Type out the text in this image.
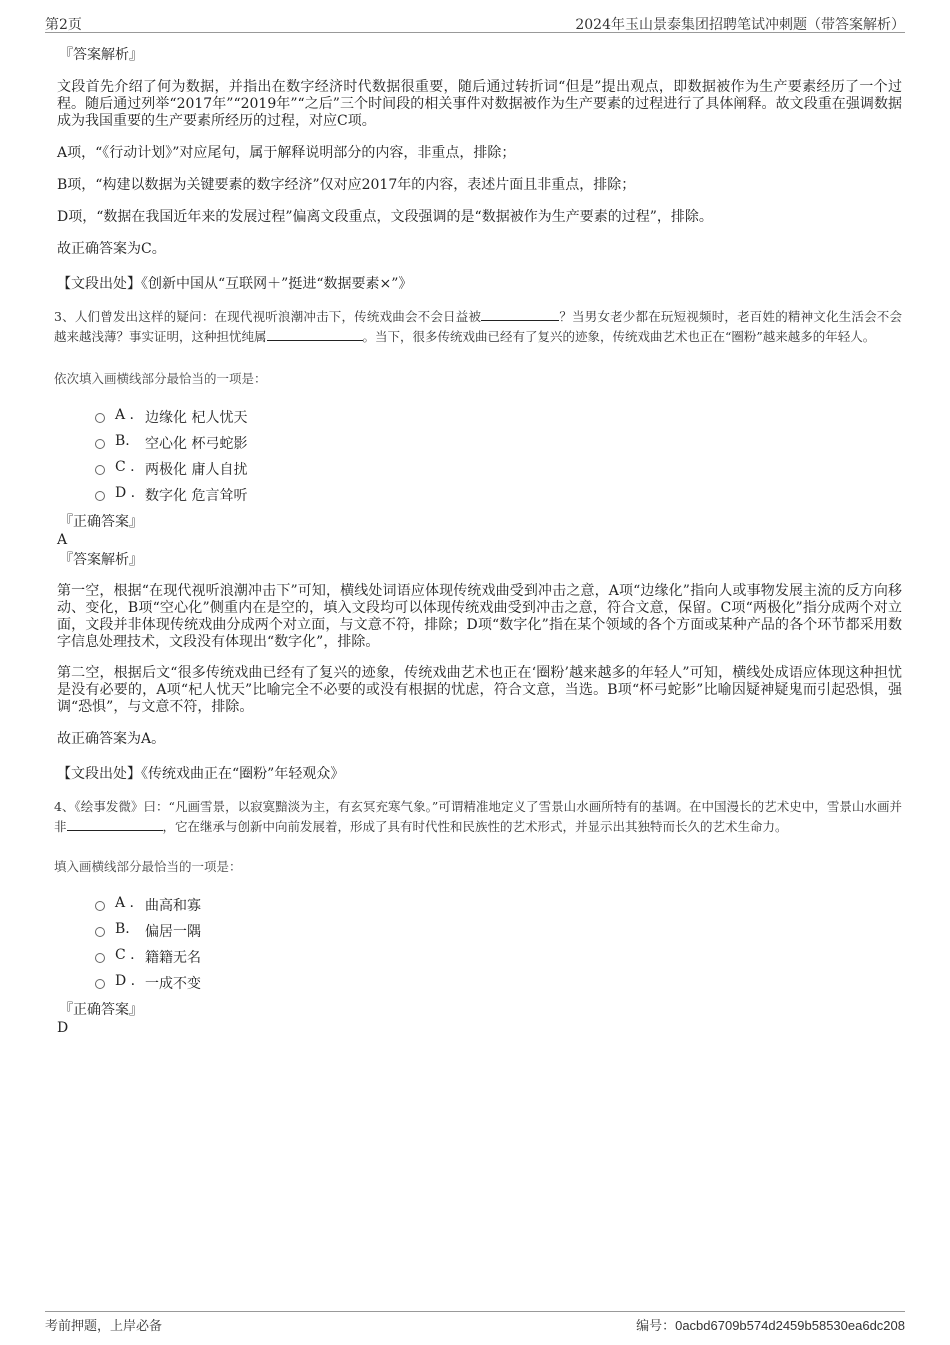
第2页	2024年玉山景泰集团招聘笔试冲刺题（带答案解析）
『答案解析』
文段首先介绍了何为数据，并指出在数字经济时代数据很重要，随后通过转折词“但是”提出观点，即数据被作为生产要素经历了一个过程。随后通过列举“2017年”“2019年”“之后”三个时间段的相关事件对数据被作为生产要素的过程进行了具体阐释。故文段重在强调数据成为我国重要的生产要素所经历的过程，对应C项。
A项，“《行动计划》”对应尾句，属于解释说明部分的内容，非重点，排除；
B项，“构建以数据为关键要素的数字经济”仅对应2017年的内容，表述片面且非重点，排除；
D项，“数据在我国近年来的发展过程”偏离文段重点，文段强调的是“数据被作为生产要素的过程”，排除。
故正确答案为C。
【文段出处】《创新中国从“互联网＋”挺进“数据要素×”》
3、人们曾发出这样的疑问：在现代视听浪潮冲击下，传统戏曲会不会日益被	？当男女老少都在玩短视频时，老百姓的精神文化生活会不会越来越浅薄？事实证明，这种担忧纯属	。当下，很多传统戏曲已经有了复兴的迹象，传统戏曲艺术也正在“圈粉”越来越多的年轻人。
依次填入画横线部分最恰当的一项是：
A . 边缘化 杞人忧天
B. 空心化 杯弓蛇影
C . 两极化 庸人自扰
D . 数字化 危言耸听
『正确答案』
A
『答案解析』
第一空，根据“在现代视听浪潮冲击下”可知，横线处词语应体现传统戏曲受到冲击之意，A项“边缘化”指向人或事物发展主流的反方向移动、变化，B项“空心化”侧重内在是空的，填入文段均可以体现传统戏曲受到冲击之意，符合文意，保留。C项“两极化”指分成两个对立面，文段并非体现传统戏曲分成两个对立面，与文意不符，排除；D项“数字化”指在某个领域的各个方面或某种产品的各个环节都采用数字信息处理技术，文段没有体现出“数字化”，排除。
第二空，根据后文“很多传统戏曲已经有了复兴的迹象，传统戏曲艺术也正在‘圈粉’越来越多的年轻人”可知，横线处成语应体现这种担忧是没有必要的，A项“杞人忧天”比喻完全不必要的或没有根据的忧虑，符合文意，当选。B项“杯弓蛇影”比喻因疑神疑鬼而引起恐惧，强调“恐惧”，与文意不符，排除。
故正确答案为A。
【文段出处】《传统戏曲正在“圈粉”年轻观众》
4、《绘事发微》曰：“凡画雪景，以寂寞黯淡为主，有玄冥充寒气象。”可谓精准地定义了雪景山水画所特有的基调。在中国漫长的艺术史中，雪景山水画并非	，它在继承与创新中向前发展着，形成了具有时代性和民族性的艺术形式，并显示出其独特而长久的艺术生命力。
填入画横线部分最恰当的一项是：
A . 曲高和寡
B. 偏居一隅
C . 籍籍无名
D . 一成不变
『正确答案』
D
考前押题，上岸必备	编号：0acbd6709b574d2459b58530ea6dc208
